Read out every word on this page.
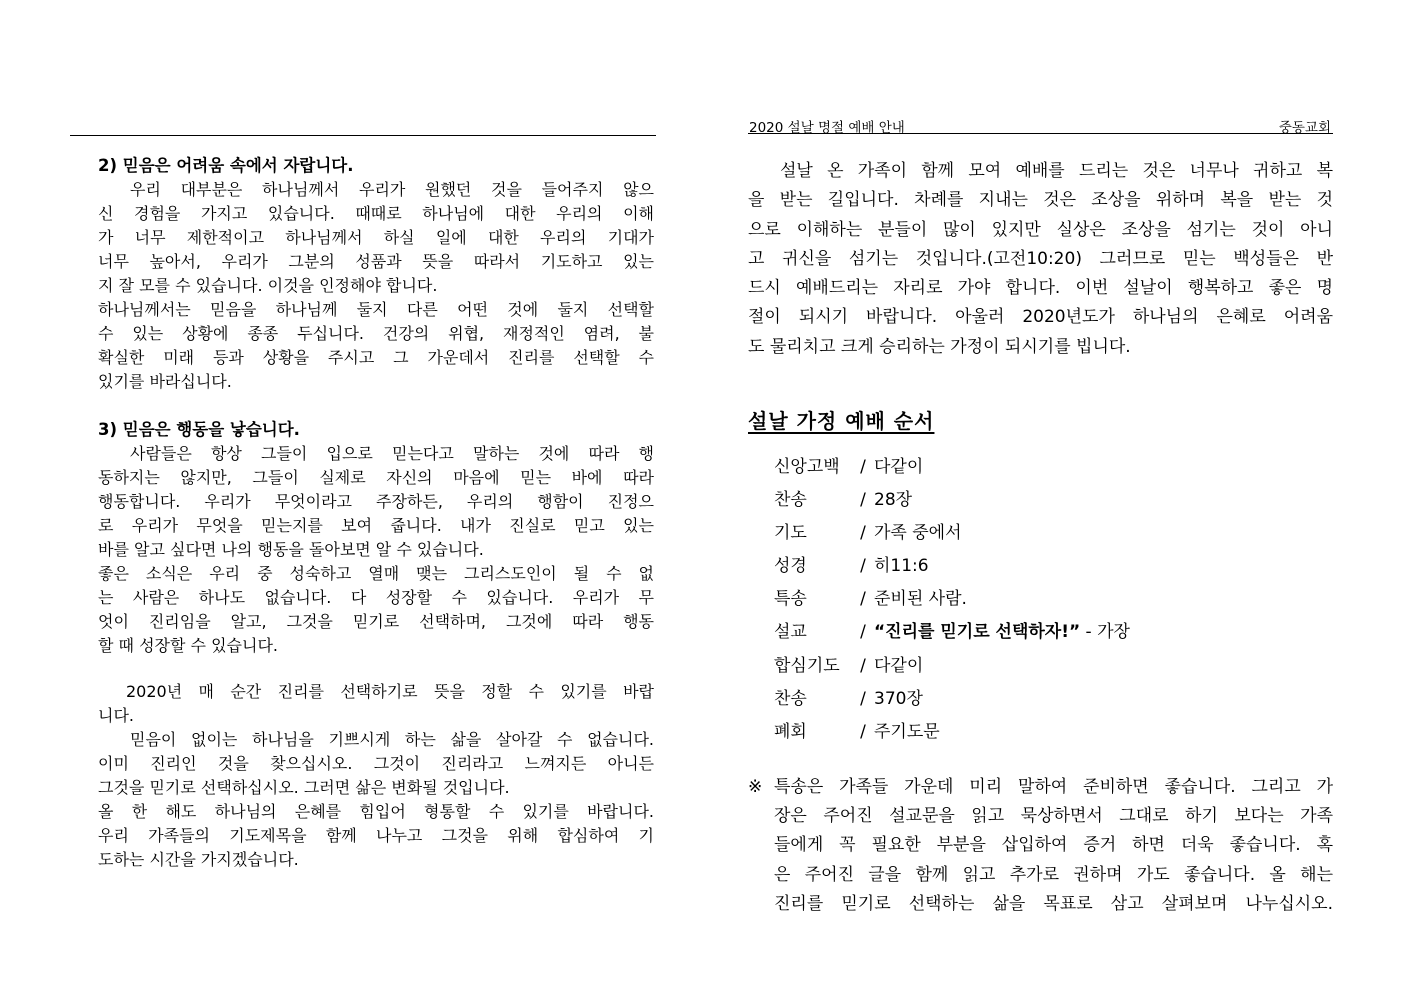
2) 믿음은 어려움 속에서 자랍니다.
우리 대부분은 하나님께서 우리가 원했던 것을 들어주지 않으
신 경험을 가지고 있습니다. 때때로 하나님에 대한 우리의 이해
가 너무 제한적이고 하나님께서 하실 일에 대한 우리의 기대가
너무 높아서, 우리가 그분의 성품과 뜻을 따라서 기도하고 있는
지 잘 모를 수 있습니다. 이것을 인정해야 합니다.
하나님께서는 믿음을 하나님께 둘지 다른 어떤 것에 둘지 선택할
수 있는 상황에 종종 두십니다. 건강의 위협, 재정적인 염려, 불
확실한 미래 등과 상황을 주시고 그 가운데서 진리를 선택할 수
있기를 바라십니다.
3) 믿음은 행동을 낳습니다.
사람들은 항상 그들이 입으로 믿는다고 말하는 것에 따라 행
동하지는 않지만, 그들이 실제로 자신의 마음에 믿는 바에 따라
행동합니다. 우리가 무엇이라고 주장하든, 우리의 행함이 진정으
로 우리가 무엇을 믿는지를 보여 줍니다. 내가 진실로 믿고 있는
바를 알고 싶다면 나의 행동을 돌아보면 알 수 있습니다.
좋은 소식은 우리 중 성숙하고 열매 맺는 그리스도인이 될 수 없
는 사람은 하나도 없습니다. 다 성장할 수 있습니다. 우리가 무
엇이 진리임을 알고, 그것을 믿기로 선택하며, 그것에 따라 행동
할 때 성장할 수 있습니다.
2020년 매 순간 진리를 선택하기로 뜻을 정할 수 있기를 바랍
니다.
믿음이 없이는 하나님을 기쁘시게 하는 삶을 살아갈 수 없습니다.
이미 진리인 것을 찾으십시오. 그것이 진리라고 느껴지든 아니든
그것을 믿기로 선택하십시오. 그러면 삶은 변화될 것입니다.
올 한 해도 하나님의 은혜를 힘입어 형통할 수 있기를 바랍니다.
우리 가족들의 기도제목을 함께 나누고 그것을 위해 합심하여 기
도하는 시간을 가지겠습니다.
2020 설날 명절 예배 안내	중동교회
설날 온 가족이 함께 모여 예배를 드리는 것은 너무나 귀하고 복
을 받는 길입니다. 차례를 지내는 것은 조상을 위하며 복을 받는 것
으로 이해하는 분들이 많이 있지만 실상은 조상을 섬기는 것이 아니
고 귀신을 섬기는 것입니다.(고전10:20) 그러므로 믿는 백성들은 반
드시 예배드리는 자리로 가야 합니다. 이번 설날이 행복하고 좋은 명
절이 되시기 바랍니다. 아울러 2020년도가 하나님의 은혜로 어려움
도 물리치고 크게 승리하는 가정이 되시기를 빕니다.
설날 가정 예배 순서
신앙고백 / 다같이
찬송	/ 28장
기도	/ 가족 중에서
성경	/ 히11:6
특송	/ 준비된 사람.
설교	/ “진리를 믿기로 선택하자!” - 가장
합심기도 / 다같이
찬송	/ 370장
폐회	/ 주기도문
※ 특송은 가족들 가운데 미리 말하여 준비하면 좋습니다. 그리고 가
장은 주어진 설교문을 읽고 묵상하면서 그대로 하기 보다는 가족
들에게 꼭 필요한 부분을 삽입하여 증거 하면 더욱 좋습니다. 혹
은 주어진 글을 함께 읽고 추가로 권하며 가도 좋습니다. 올 해는
진리를 믿기로 선택하는 삶을 목표로 삼고 살펴보며 나누십시오.
